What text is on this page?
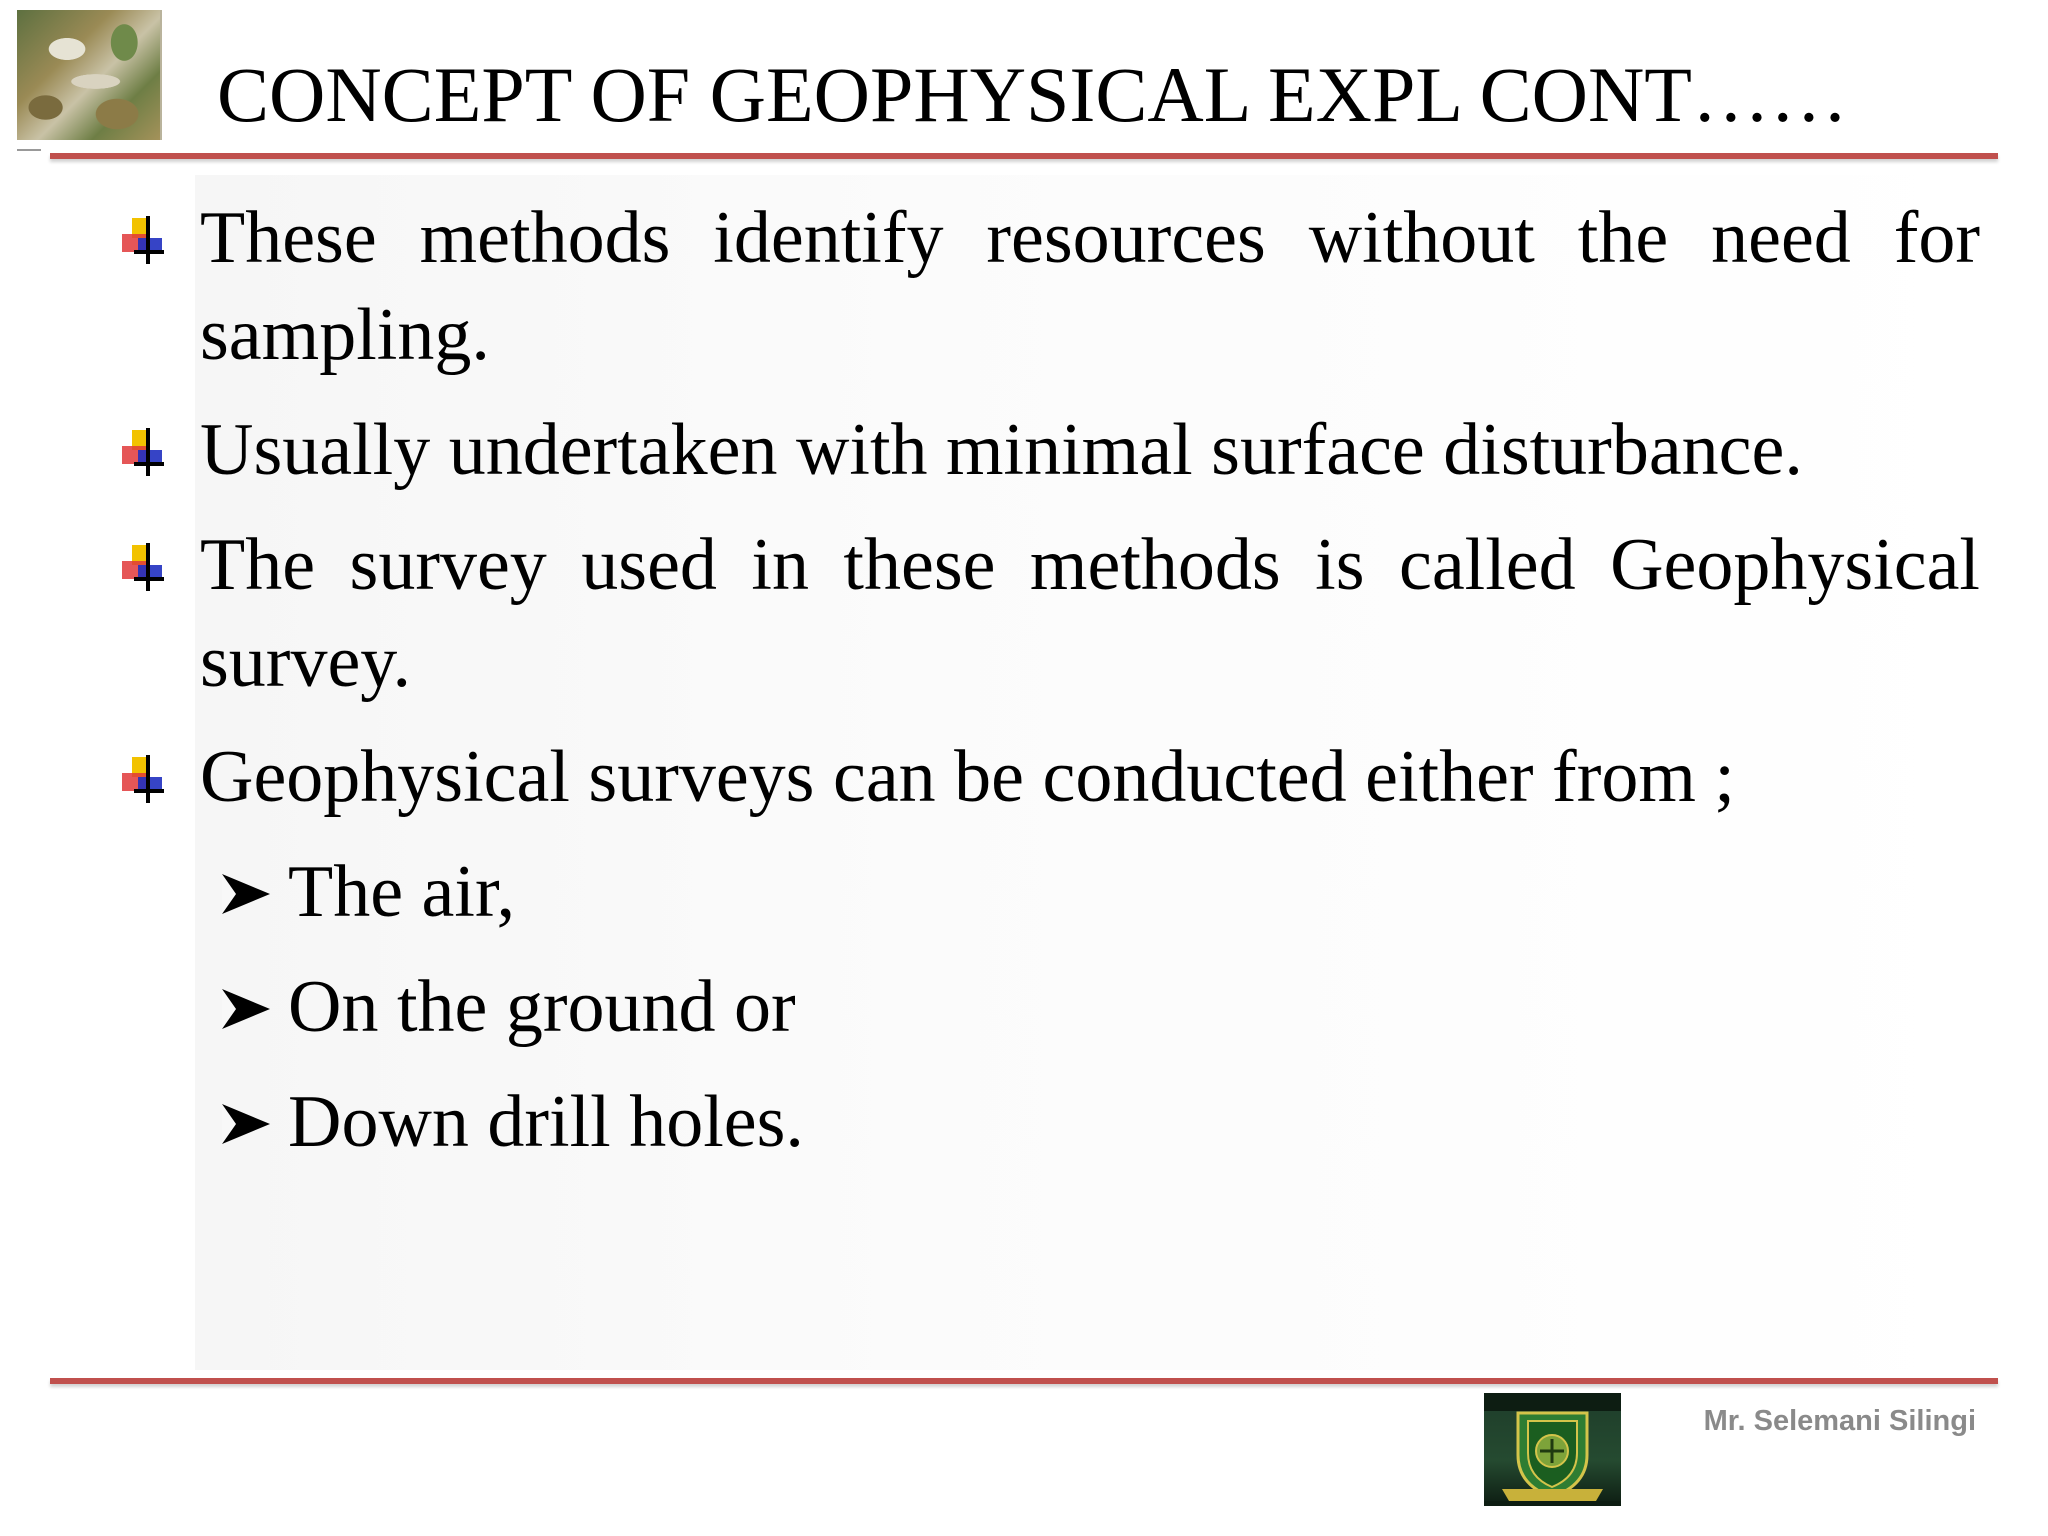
CONCEPT OF GEOPHYSICAL EXPL CONT……
These methods identify resources without the need for sampling.
Usually undertaken with minimal surface disturbance.
The survey used in these methods is called Geophysical survey.
Geophysical surveys can be conducted either from ;
The air,
On the ground or
Down drill holes.
Mr. Selemani Silingi
